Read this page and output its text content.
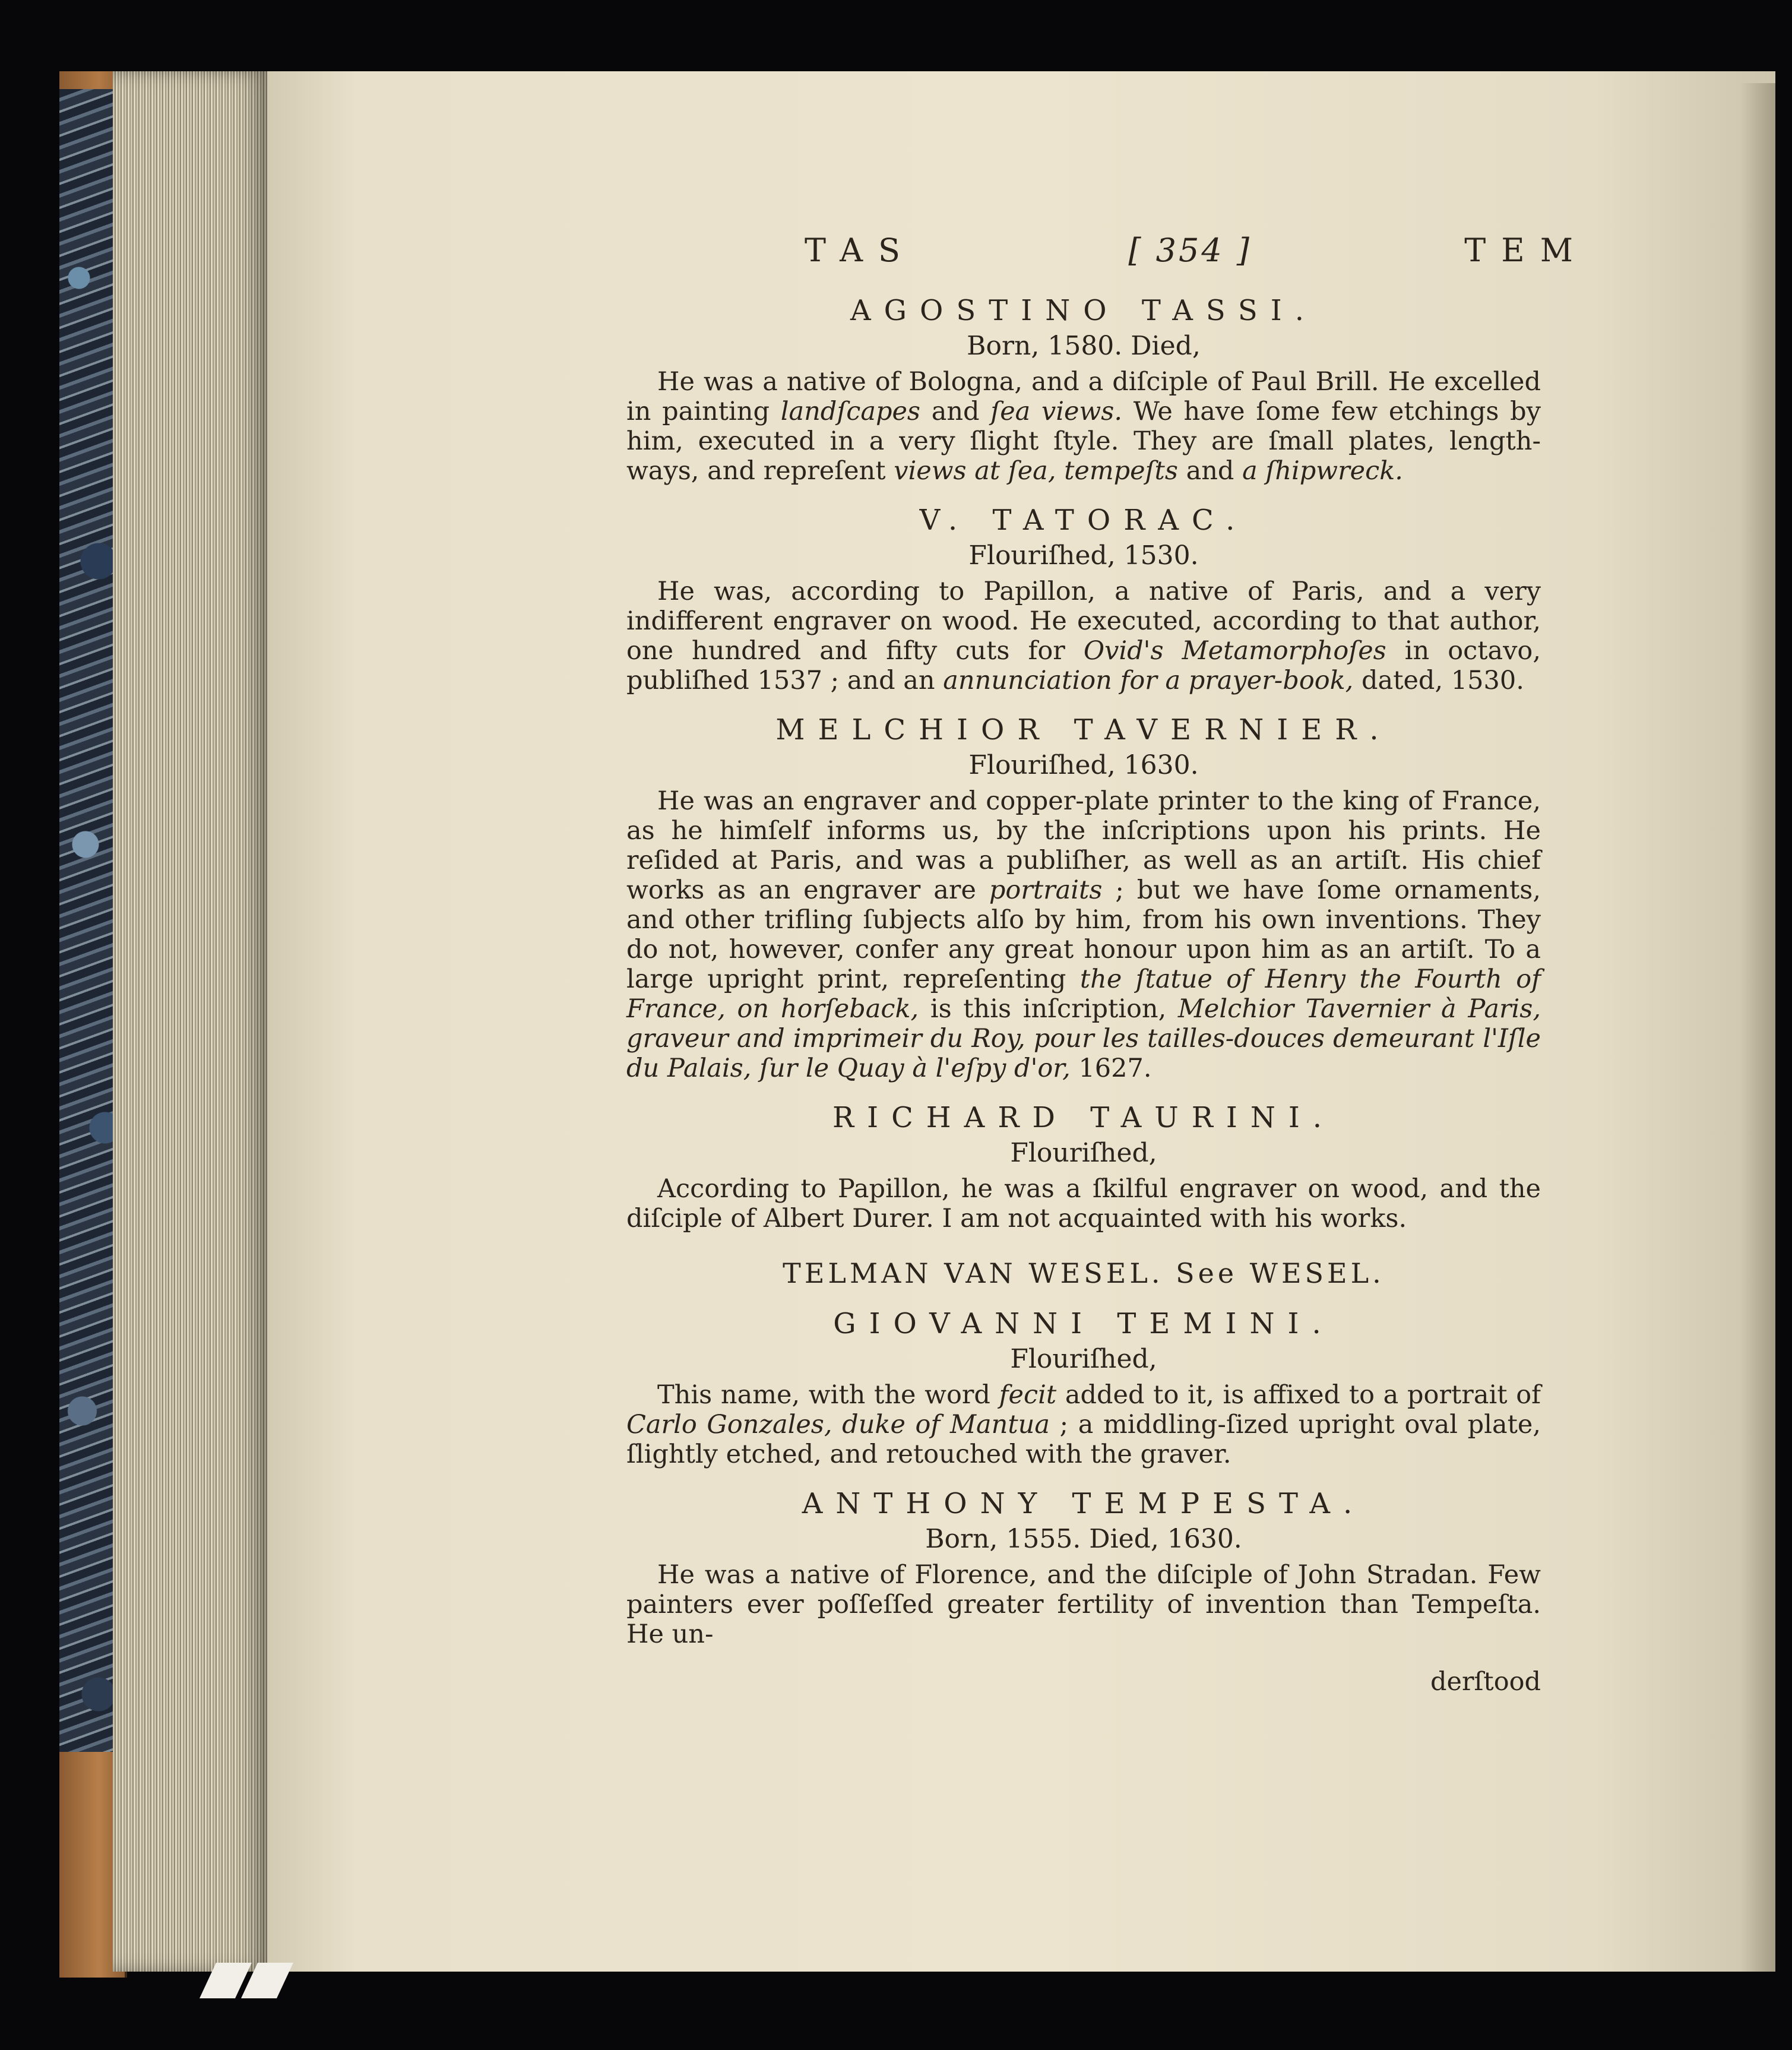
TAS	[ 354 ]	TEM
AGOSTINO TASSI.
Born, 1580. Died,
He was a native of Bologna, and a diſciple of Paul Brill. He excelled in painting landſcapes and ſea views. We have ſome few etchings by him, executed in a very ſlight ſtyle. They are ſmall plates, length-ways, and repreſent views at ſea, tempeſts and a ſhipwreck.
V. TATORAC.
Flouriſhed, 1530.
He was, according to Papillon, a native of Paris, and a very indifferent engraver on wood. He executed, according to that author, one hundred and fifty cuts for Ovid's Metamorphoſes in octavo, publiſhed 1537 ; and an annunciation for a prayer-book, dated, 1530.
MELCHIOR TAVERNIER.
Flouriſhed, 1630.
He was an engraver and copper-plate printer to the king of France, as he himſelf informs us, by the inſcriptions upon his prints. He reſided at Paris, and was a publiſher, as well as an artiſt. His chief works as an engraver are portraits ; but we have ſome ornaments, and other trifling ſubjects alſo by him, from his own inventions. They do not, however, confer any great honour upon him as an artiſt. To a large upright print, repreſenting the ſtatue of Henry the Fourth of France, on horſeback, is this inſcription, Melchior Tavernier à Paris, graveur and imprimeir du Roy, pour les tailles-douces demeurant l'Iſle du Palais, ſur le Quay à l'eſpy d'or, 1627.
RICHARD TAURINI.
Flouriſhed,
According to Papillon, he was a ſkilful engraver on wood, and the diſciple of Albert Durer. I am not acquainted with his works.
TELMAN VAN WESEL. See WESEL.
GIOVANNI TEMINI.
Flouriſhed,
This name, with the word fecit added to it, is affixed to a portrait of Carlo Gonzales, duke of Mantua ; a middling-ſized upright oval plate, ſlightly etched, and retouched with the graver.
ANTHONY TEMPESTA.
Born, 1555. Died, 1630.
He was a native of Florence, and the diſciple of John Stradan. Few painters ever poſſeſſed greater fertility of invention than Tempeſta. He un-
derſtood
